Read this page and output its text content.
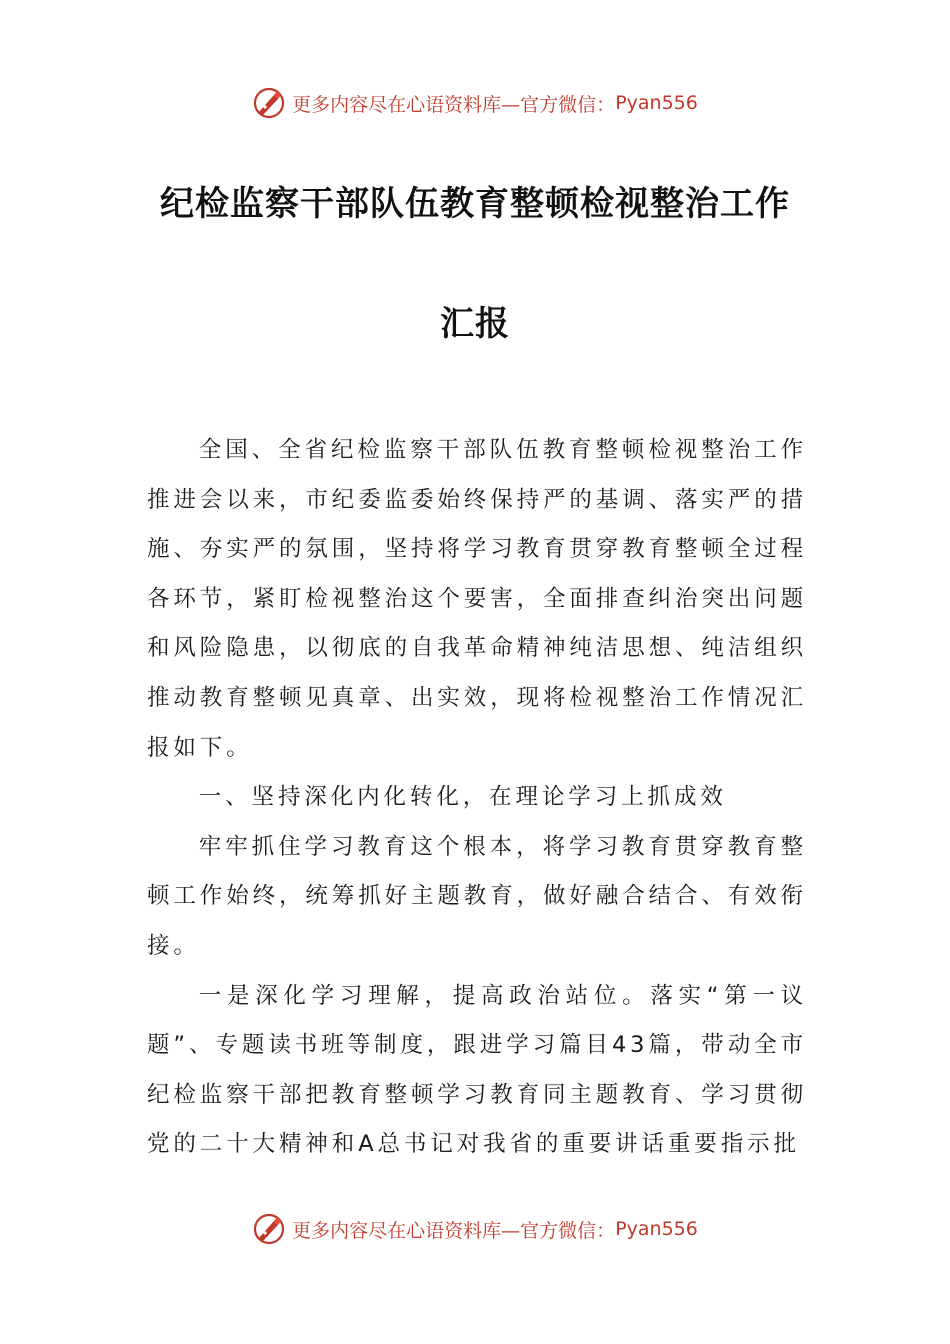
更多内容尽在心语资料库 —官方微信： Pyan556
纪检监察干部队伍教育整顿检视整治工作
汇报

全国、全省纪检监察干部队伍教育整顿检视整治工作推进会以来，市纪委监委始终保持严的基调、落实严的措施、夯实严的氛围，坚持将学习教育贯穿教育整顿全过程各环节，紧盯检视整治这个要害，全面排查纠治突出问题和风险隐患，以彻底的自我革命精神纯洁思想、纯洁组织推动教育整顿见真章、出实效，现将检视整治工作情况汇报如下。

一、坚持深化内化转化，在理论学习上抓成效

牢牢抓住学习教育这个根本，将学习教育贯穿教育整顿工作始终，统筹抓好主题教育，做好融合结合、有效衔接。

一是深化学习理解，提高政治站位。落实“第一议题”、专题读书班等制度，跟进学习篇目43篇，带动全市纪检监察干部把教育整顿学习教育同主题教育、学习贯彻党的二十大精神和A总书记对我省的重要讲话重要指示批

更多内容尽在心语资料库 —官方微信： Pyan556
